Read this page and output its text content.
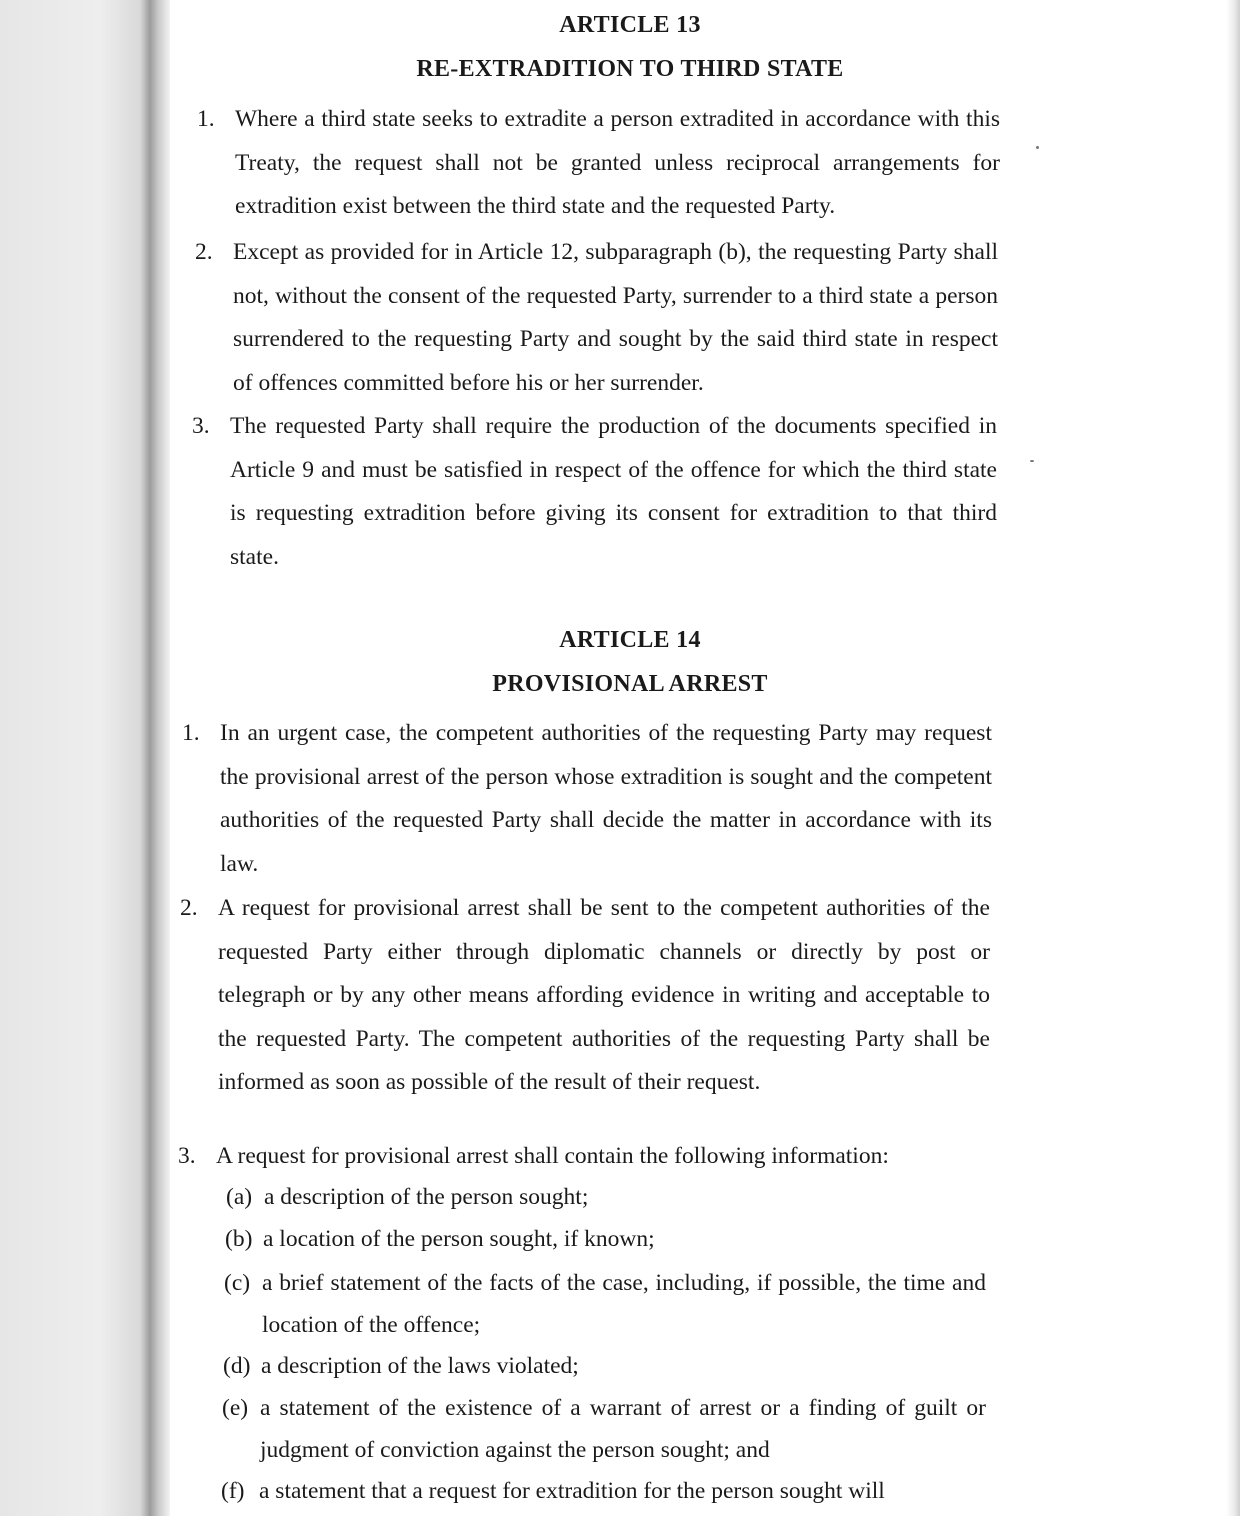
ARTICLE 13
RE-EXTRADITION TO THIRD STATE

1. Where a third state seeks to extradite a person extradited in accordance with this Treaty, the request shall not be granted unless reciprocal arrangements for extradition exist between the third state and the requested Party.

2. Except as provided for in Article 12, subparagraph (b), the requesting Party shall not, without the consent of the requested Party, surrender to a third state a person surrendered to the requesting Party and sought by the said third state in respect of offences committed before his or her surrender.

3. The requested Party shall require the production of the documents specified in Article 9 and must be satisfied in respect of the offence for which the third state is requesting extradition before giving its consent for extradition to that third state.

ARTICLE 14
PROVISIONAL ARREST

1. In an urgent case, the competent authorities of the requesting Party may request the provisional arrest of the person whose extradition is sought and the competent authorities of the requested Party shall decide the matter in accordance with its law.

2. A request for provisional arrest shall be sent to the competent authorities of the requested Party either through diplomatic channels or directly by post or telegraph or by any other means affording evidence in writing and acceptable to the requested Party. The competent authorities of the requesting Party shall be informed as soon as possible of the result of their request.

3. A request for provisional arrest shall contain the following information:

(a) a description of the person sought;

(b) a location of the person sought, if known;

(c) a brief statement of the facts of the case, including, if possible, the time and location of the offence;

(d) a description of the laws violated;

(e) a statement of the existence of a warrant of arrest or a finding of guilt or judgment of conviction against the person sought; and

(f) a statement that a request for extradition for the person sought will
